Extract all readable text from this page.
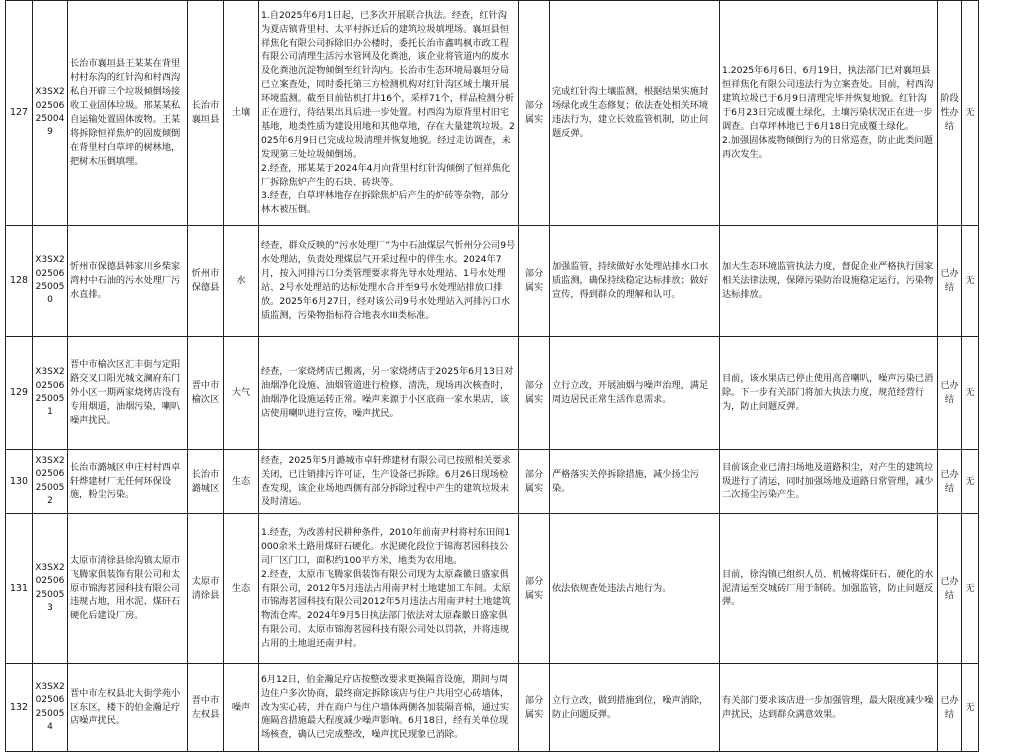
127	X3SX202506250049	长治市襄垣县王某某在背里村村东沟的红针沟和村西沟私自开辟三个垃圾倾倒场接收工业固体垃圾。邢某某私自运输处置固体废物。王某将拆除恒祥焦炉的固废倾倒在背里村白草坪的树林地，把树木压倒填埋。	长治市襄垣县	土壤	1.自2025年6月1日起，已多次开展联合执法。经查，红针沟为夏店镇背里村、太平村拆迁后的建筑垃圾填埋场。襄垣县恒祥焦化有限公司拆除旧办公楼时，委托长治市鑫鸣枫市政工程有限公司清理生活污水管网及化粪池，该企业将管道内的废水及化粪池沉淀物倾倒至红针沟内。长治市生态环境局襄垣分局已立案查处，同时委托第三方检测机构对红针沟区域土壤开展环境监测。截至目前钻机打井16个，采样71个，样品检测分析正在进行，待结果出具后进一步处置。村西沟为原背里村旧宅基地，地类性质为建设用地和其他草地，存在大量建筑垃圾。2025年6月9日已完成垃圾清理并恢复地貌。经过走访调查，未发现第三处垃圾倾倒场。
2.经查，邢某某于2024年4月向背里村红针沟倾倒了恒祥焦化厂拆除焦炉产生的石块、砖块等。
3.经查，白草坪林地存在拆除焦炉后产生的炉砖等杂物，部分林木被压倒。	部分属实	完成红针沟土壤监测，根据结果实施封场绿化或生态修复；依法查处相关环境违法行为，建立长效监管机制，防止问题反弹。	1.2025年6月6日、6月19日，执法部门已对襄垣县恒祥焦化有限公司违法行为立案查处。目前，村西沟建筑垃圾已于6月9日清理完毕并恢复地貌。红针沟于6月23日完成覆土绿化，土壤污染状况正在进一步调查。白草坪林地已于6月18日完成覆土绿化。
2.加强固体废物倾倒行为的日常巡查，防止此类问题再次发生。	阶段性办结	无
128	X3SX202506250050	忻州市保德县韩家川乡柴家湾村中石油的污水处理厂污水直排。	忻州市保德县	水	经查，群众反映的“污水处理厂”为中石油煤层气忻州分公司9号水处理站，负责处理煤层气开采过程中的伴生水。2024年7月，按入河排污口分类管理要求将先导水处理站、1号水处理站、2号水处理站的达标处理水合并至9号水处理站排放口排放。2025年6月27日，经对该公司9号水处理站入河排污口水质监测，污染物指标符合地表水III类标准。	部分属实	加强监管，持续做好水处理站排水口水质监测，确保持续稳定达标排放；做好宣传，得到群众的理解和认可。	加大生态环境监管执法力度，督促企业严格执行国家相关法律法规，保障污染防治设施稳定运行，污染物达标排放。	已办结	无
129	X3SX202506250051	晋中市榆次区汇丰街与定阳路交叉口阳光城文澜府东门外小区一期两家烧烤店没有专用烟道，油烟污染，喇叭噪声扰民。	晋中市榆次区	大气	经查，一家烧烤店已搬离，另一家烧烤店于2025年6月13日对油烟净化设施、油烟管道进行检修、清洗，现场再次核查时，油烟净化设施运转正常。噪声来源于小区底商一家水果店，该店使用喇叭进行宣传，噪声扰民。	部分属实	立行立改，开展油烟与噪声治理，满足周边居民正常生活作息需求。	目前，该水果店已停止使用高音喇叭，噪声污染已消除。下一步有关部门将加大执法力度，规范经营行为，防止问题反弹。	已办结	无
130	X3SX202506250052	长治市潞城区申庄村村西卓轩烨建材厂无任何环保设施，粉尘污染。	长治市潞城区	生态	经查，2025年5月潞城市卓轩烨建材有限公司已按照相关要求关闭，已注销排污许可证，生产设备已拆除。6月26日现场检查发现，该企业场地西侧有部分拆除过程中产生的建筑垃圾未及时清运。	部分属实	严格落实关停拆除措施，减少扬尘污染。	目前该企业已清扫场地及道路积尘，对产生的建筑垃圾进行了清运，同时加强场地及道路日常管理，减少二次扬尘污染产生。	已办结	无
131	X3SX202506250053	太原市清徐县徐沟镇太原市飞腾家俱装饰有限公司和太原市锦海茗园科技有限公司违规占地，用水泥、煤矸石硬化后建设厂房。	太原市清徐县	生态	1.经查，为改善村民耕种条件，2010年前南尹村将村东田间1000余米土路用煤矸石硬化。水泥硬化段位于锦海茗园科技公司厂区门口，面积约100平方米，地类为农用地。
2.经查，太原市飞腾家俱装饰有限公司现为太原森徽日盛家俱有限公司，2012年5月违法占用南尹村土地建加工车间。太原市锦海茗园科技有限公司2012年5月违法占用南尹村土地建筑物流仓库。2024年9月5日执法部门依法对太原森徽日盛家俱有限公司、太原市锦海茗园科技有限公司处以罚款，并将违规占用的土地退还南尹村。	部分属实	依法依规查处违法占地行为。	目前，徐沟镇已组织人员、机械将煤矸石、硬化的水泥清运至交城砖厂用于制砖。加强监管，防止问题反弹。	已办结	无
132	X3SX202506250054	晋中市左权县北大街学苑小区东区，楼下的伯金瀚足疗店噪声扰民。	晋中市左权县	噪声	6月12日，伯金瀚足疗店按整改要求更换隔音设施，期间与周边住户多次协商，最终商定拆除该店与住户共用空心砖墙体，改为实心砖，并在商户与住户墙体两侧各加装隔音棉，通过实施隔音措施最大程度减少噪声影响。6月18日，经有关单位现场核查，确认已完成整改，噪声扰民现象已消除。	部分属实	立行立改，做到措施到位，噪声消除，防止问题反弹。	有关部门要求该店进一步加强管理，最大限度减少噪声扰民，达到群众满意效果。	已办结	无
